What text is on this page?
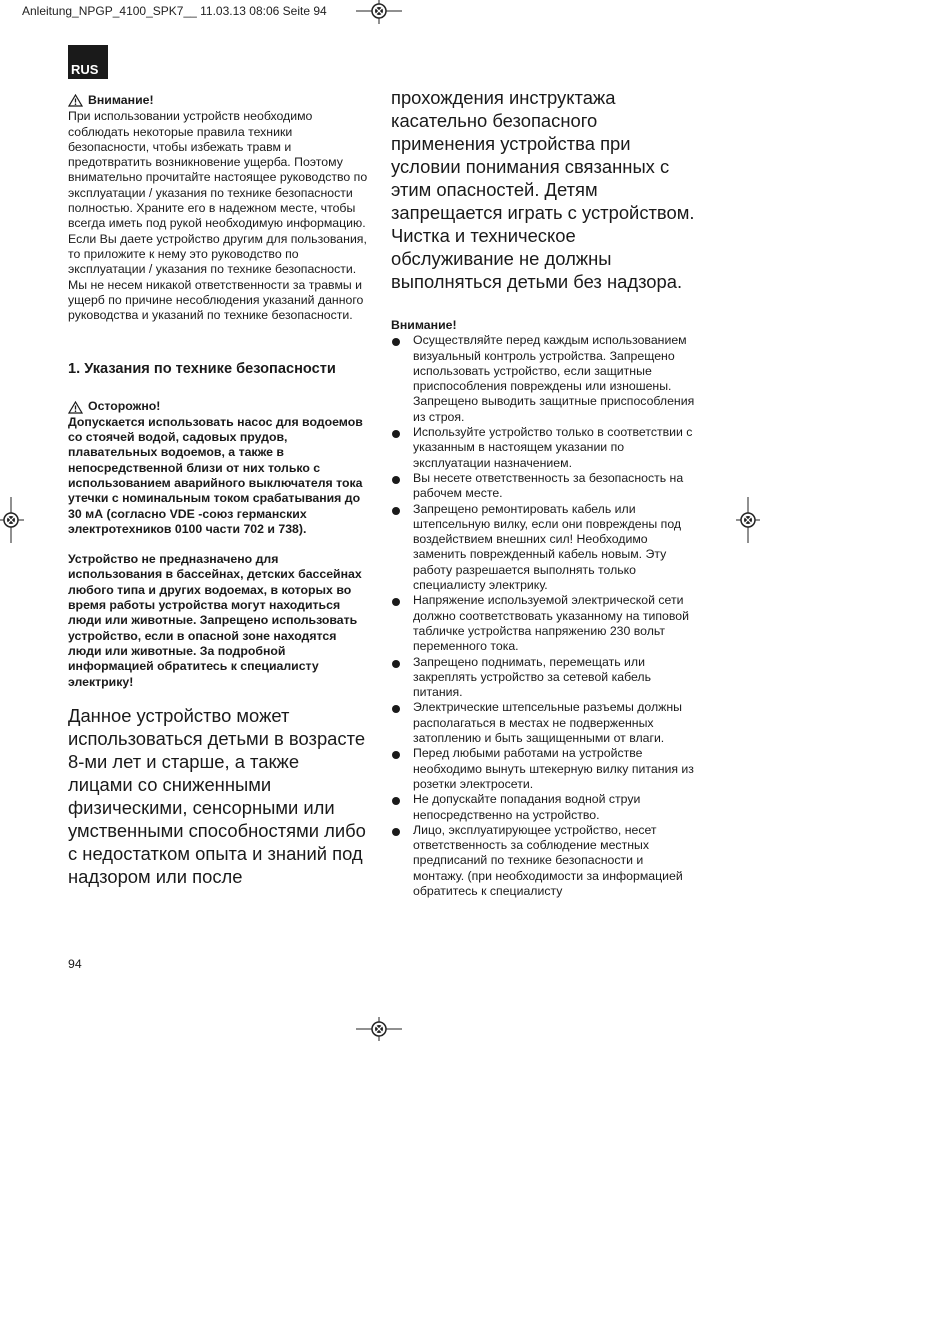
Anleitung_NPGP_4100_SPK7__ 11.03.13 08:06 Seite 94
RUS

Внимание!

При использовании устройств необходимо соблюдать некоторые правила техники безопасности, чтобы избежать травм и предотвратить возникновение ущерба. Поэтому внимательно прочитайте настоящее руководство по эксплуатации / указания по технике безопасности полностью. Храните его в надежном месте, чтобы всегда иметь под рукой необходимую информацию. Если Вы даете устройство другим для пользования, то приложите к нему это руководство по эксплуатации / указания по технике безопасности. Мы не несем никакой ответственности за травмы и ущерб по причине несоблюдения указаний данного руководства и указаний по технике безопасности.

1. Указания по технике безопасности

Осторожно!

Допускается использовать насос для водоемов со стоячей водой, садовых прудов, плавательных водоемов, а также в непосредственной близи от них только с использованием аварийного выключателя тока утечки с номинальным током срабатывания до 30 мА (согласно VDE -союз германских электротехников 0100 части 702 и 738).

Устройство не предназначено для использования в бассейнах, детских бассейнах любого типа и других водоемах, в которых во время работы устройства могут находиться люди или животные. Запрещено использовать устройство, если в опасной зоне находятся люди или животные. За подробной информацией обратитесь к специалисту электрику!

Данное устройство может использоваться детьми в возрасте 8-ми лет и старше, а также лицами со сниженными физическими, сенсорными или умственными способностями либо с недостатком опыта и знаний под надзором или после

прохождения инструктажа касательно безопасного применения устройства при условии понимания связанных с этим опасностей. Детям запрещается играть с устройством. Чистка и техническое обслуживание не должны выполняться детьми без надзора.

Внимание!

Осуществляйте перед каждым использованием визуальный контроль устройства. Запрещено использовать устройство, если защитные приспособления повреждены или изношены. Запрещено выводить защитные приспособления из строя.
Используйте устройство только в соответствии с указанным в настоящем указании по эксплуатации назначением.
Вы несете ответственность за безопасность на рабочем месте.
Запрещено ремонтировать кабель или штепсельную вилку, если они повреждены под воздействием внешних сил! Необходимо заменить поврежденный кабель новым. Эту работу разрешается выполнять только специалисту электрику.
Напряжение используемой электрической сети должно соответствовать указанному на типовой табличке устройства напряжению 230 вольт переменного тока.
Запрещено поднимать, перемещать или закреплять устройство за сетевой кабель питания.
Электрические штепсельные разъемы должны располагаться в местах не подверженных затоплению и быть защищенными от влаги.
Перед любыми работами на устройстве необходимо вынуть штекерную вилку питания из розетки электросети.
Не допускайте попадания водной струи непосредственно на устройство.
Лицо, эксплуатирующее устройство, несет ответственность за соблюдение местных предписаний по технике безопасности и монтажу. (при необходимости за информацией обратитесь к специалисту
94
